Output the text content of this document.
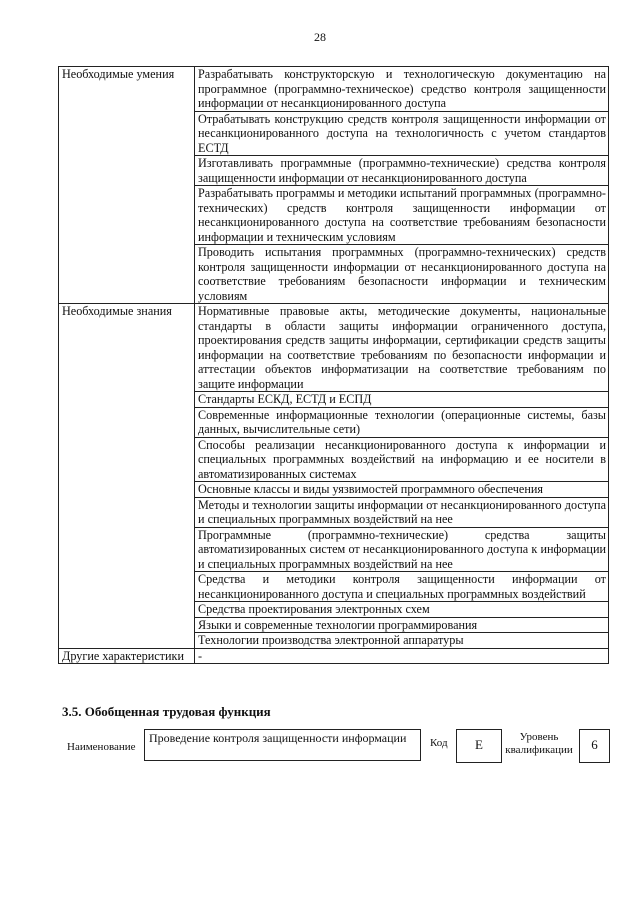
28
Необходимые умения	Разрабатывать конструкторскую и технологическую документацию на программное (программно-техническое) средство контроля защищенности информации от несанкционированного доступа
	Отрабатывать конструкцию средств контроля защищенности информации от несанкционированного доступа на технологичность с учетом стандартов ЕСТД
	Изготавливать программные (программно-технические) средства контроля защищенности информации от несанкционированного доступа
	Разрабатывать программы и методики испытаний программных (программно-технических) средств контроля защищенности информации от несанкционированного доступа на соответствие требованиям безопасности информации и техническим условиям
	Проводить испытания программных (программно-технических) средств контроля защищенности информации от несанкционированного доступа на соответствие требованиям безопасности информации и техническим условиям
Необходимые знания	Нормативные правовые акты, методические документы, национальные стандарты в области защиты информации ограниченного доступа, проектирования средств защиты информации, сертификации средств защиты информации на соответствие требованиям по безопасности информации и аттестации объектов информатизации на соответствие требованиям по защите информации
	Стандарты ЕСКД, ЕСТД и ЕСПД
	Современные информационные технологии (операционные системы, базы данных, вычислительные сети)
	Способы реализации несанкционированного доступа к информации и специальных программных воздействий на информацию и ее носители в автоматизированных системах
	Основные классы и виды уязвимостей программного обеспечения
	Методы и технологии защиты информации от несанкционированного доступа и специальных программных воздействий на нее
	Программные (программно-технические) средства защиты автоматизированных систем от несанкционированного доступа к информации и специальных программных воздействий на нее
	Средства и методики контроля защищенности информации от несанкционированного доступа и специальных программных воздействий
	Средства проектирования электронных схем
	Языки и современные технологии программирования
	Технологии производства электронной аппаратуры
Другие характеристики	-
3.5. Обобщенная трудовая функция
Наименование
Проведение контроля защищенности информации	Код	E	Уровень квалификации	6
